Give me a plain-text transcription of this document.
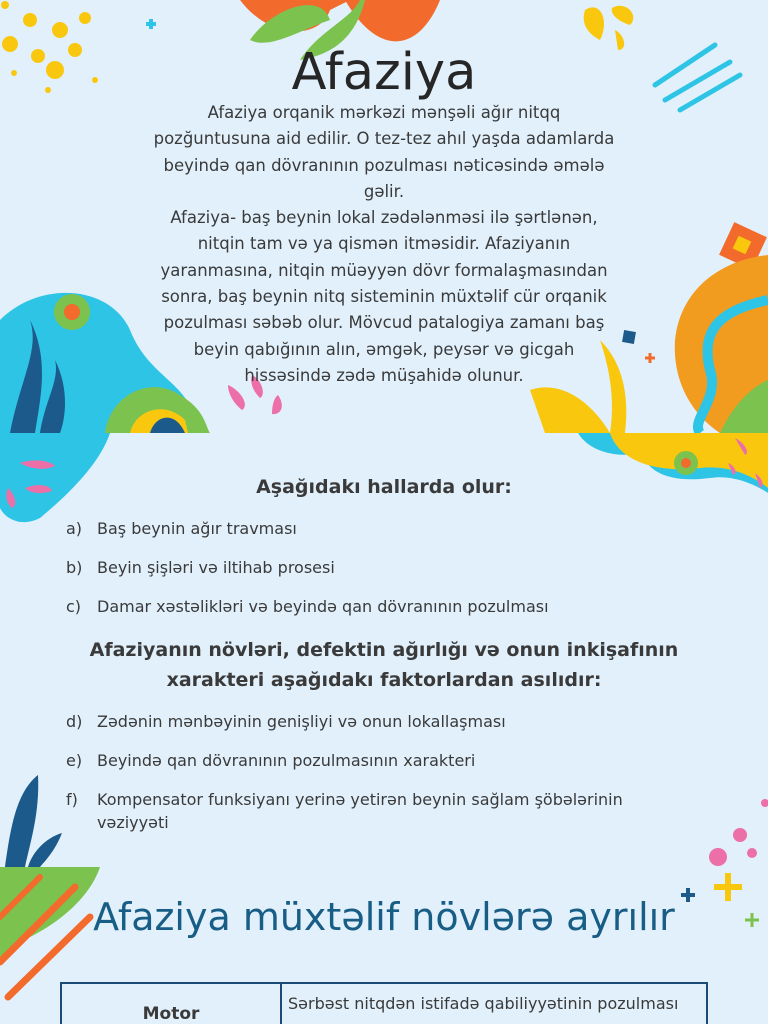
Afaziya

Afaziya orqanik mərkəzi mənşəli ağır nitqq pozğuntusuna aid edilir. O tez-tez ahıl yaşda adamlarda beyində qan dövranının pozulması nəticəsində əmələ gəlir.

Afaziya- baş beynin lokal zədələnməsi ilə şərtlənən, nitqin tam və ya qismən itməsidir. Afaziyanın yaranmasına, nitqin müəyyən dövr formalaşmasından sonra, baş beynin nitq sisteminin müxtəlif cür orqanik pozulması səbəb olur. Mövcud patalogiya zamanı baş beyin qabığının alın, əmgək, peysər və gicgah hissəsində zədə müşahidə olunur.

Aşağıdakı hallarda olur:
a) Baş beynin ağır travması
b) Beyin şişləri və iltihab prosesi
c) Damar xəstəlikləri və beyində qan dövranının pozulması
Afaziyanın növləri, defektin ağırlığı və onun inkişafının xarakteri aşağıdakı faktorlardan asılıdır:
d) Zədənin mənbəyinin genişliyi və onun lokallaşması
e) Beyində qan dövranının pozulmasının xarakteri
f) Kompensator funksiyanı yerinə yetirən beynin sağlam şöbələrinin vəziyyəti
Afaziya müxtəlif növlərə ayrılır
Motor
Sərbəst nitqdən istifadə qabiliyyətinin pozulması
